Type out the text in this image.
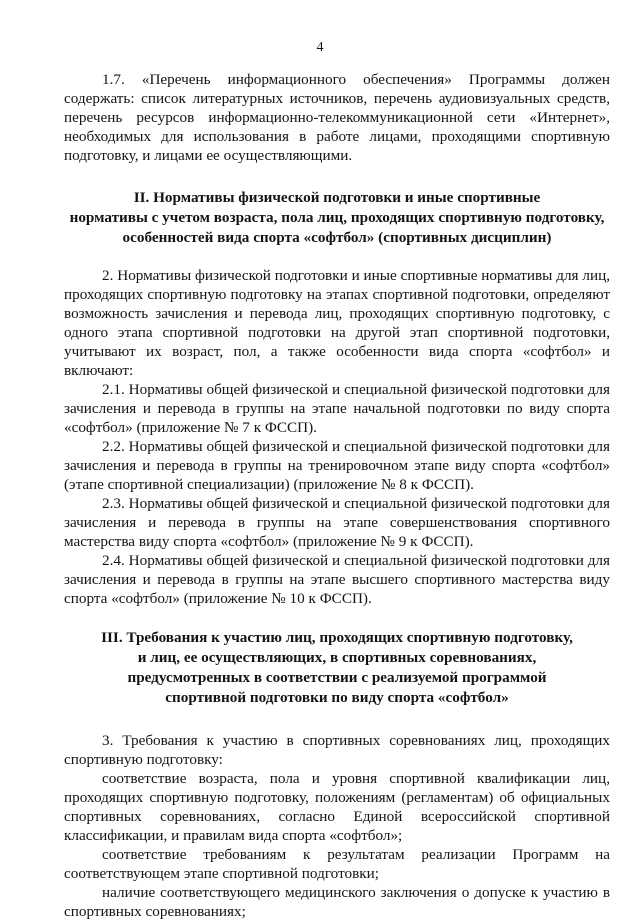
4

1.7. «Перечень информационного обеспечения» Программы должен содержать: список литературных источников, перечень аудиовизуальных средств, перечень ресурсов информационно-телекоммуникационной сети «Интернет», необходимых для использования в работе лицами, проходящими спортивную подготовку, и лицами ее осуществляющими.

II. Нормативы физической подготовки и иные спортивные
нормативы с учетом возраста, пола лиц, проходящих спортивную подготовку,
особенностей вида спорта «софтбол» (спортивных дисциплин)

2. Нормативы физической подготовки и иные спортивные нормативы для лиц, проходящих спортивную подготовку на этапах спортивной подготовки, определяют возможность зачисления и перевода лиц, проходящих спортивную подготовку, с одного этапа спортивной подготовки на другой этап спортивной подготовки, учитывают их возраст, пол, а также особенности вида спорта «софтбол» и включают:

2.1. Нормативы общей физической и специальной физической подготовки для зачисления и перевода в группы на этапе начальной подготовки по виду спорта «софтбол» (приложение № 7 к ФССП).

2.2. Нормативы общей физической и специальной физической подготовки для зачисления и перевода в группы на тренировочном этапе виду спорта «софтбол» (этапе спортивной специализации) (приложение № 8 к ФССП).

2.3. Нормативы общей физической и специальной физической подготовки для зачисления и перевода в группы на этапе совершенствования спортивного мастерства виду спорта «софтбол» (приложение № 9 к ФССП).

2.4. Нормативы общей физической и специальной физической подготовки для зачисления и перевода в группы на этапе высшего спортивного мастерства виду спорта «софтбол» (приложение № 10 к ФССП).

III. Требования к участию лиц, проходящих спортивную подготовку,
и лиц, ее осуществляющих, в спортивных соревнованиях,
предусмотренных в соответствии с реализуемой программой
спортивной подготовки по виду спорта «софтбол»

3. Требования к участию в спортивных соревнованиях лиц, проходящих спортивную подготовку:

соответствие возраста, пола и уровня спортивной квалификации лиц, проходящих спортивную подготовку, положениям (регламентам) об официальных спортивных соревнованиях, согласно Единой всероссийской спортивной классификации, и правилам вида спорта «софтбол»;

соответствие требованиям к результатам реализации Программ на соответствующем этапе спортивной подготовки;

наличие соответствующего медицинского заключения о допуске к участию в спортивных соревнованиях;
